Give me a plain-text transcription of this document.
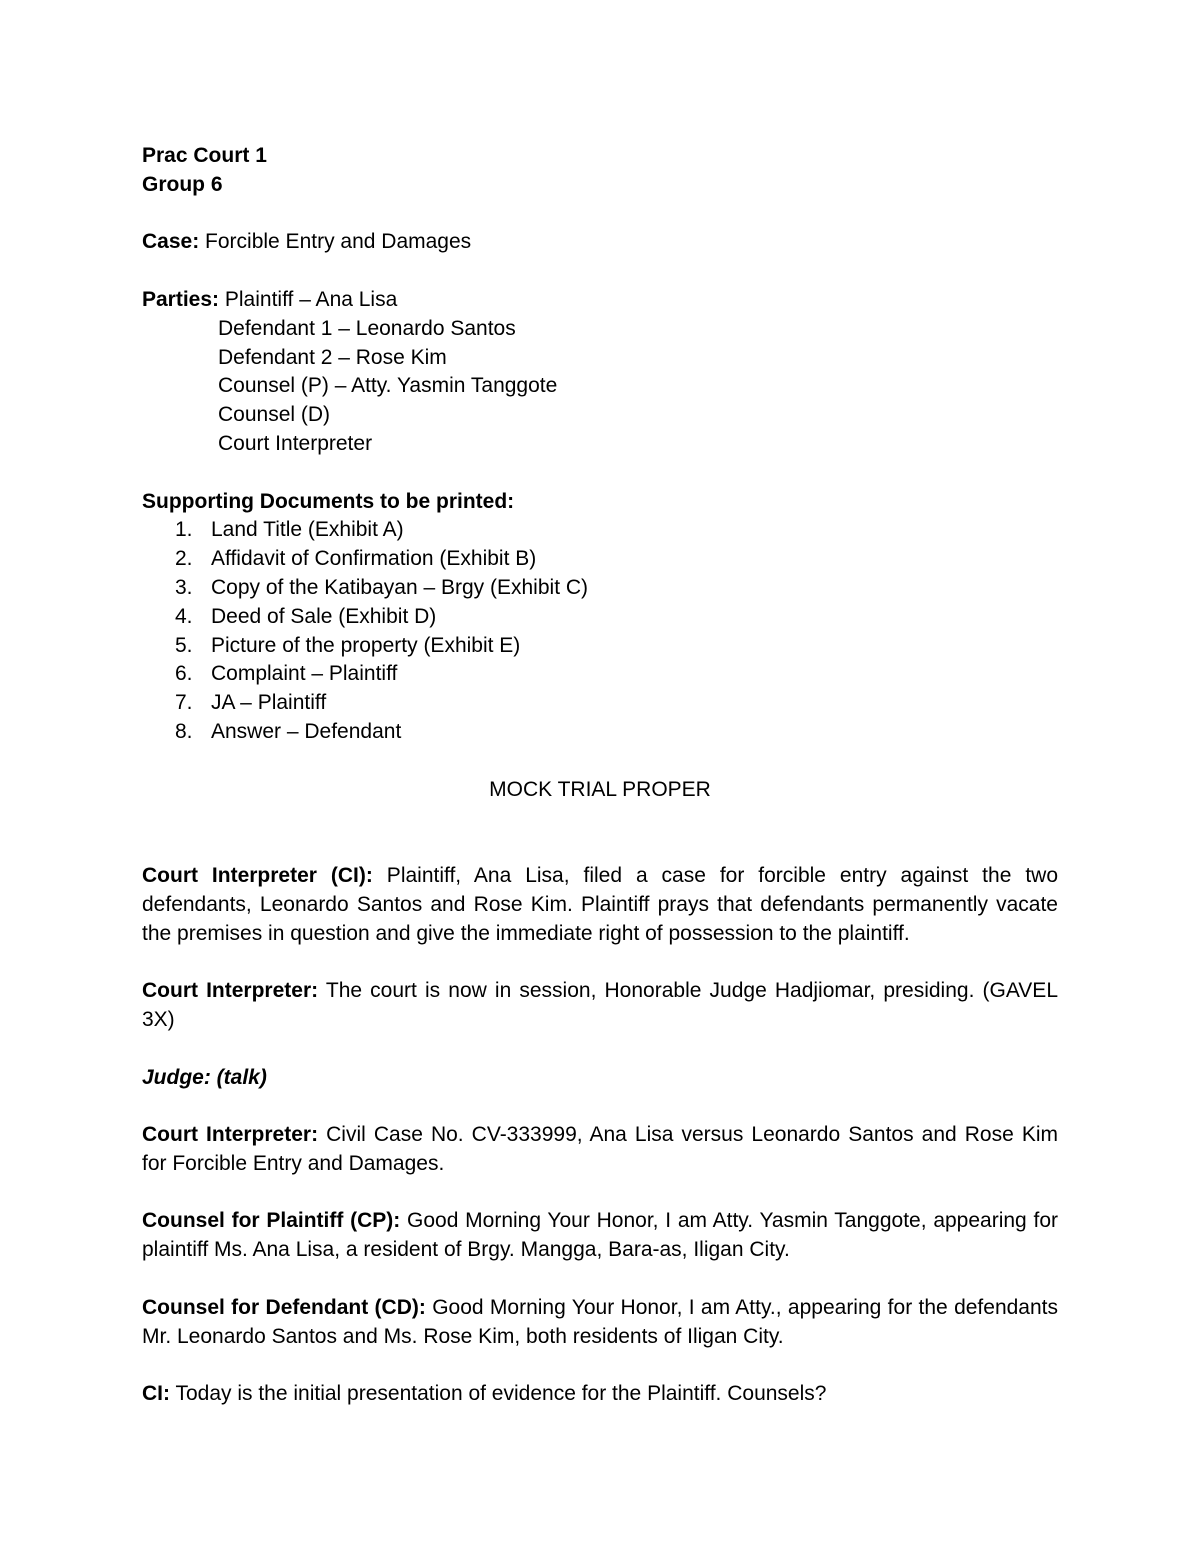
Prac Court 1

Group 6

Case: Forcible Entry and Damages

Parties: Plaintiff – Ana Lisa

Defendant 1 – Leonardo Santos

Defendant 2 – Rose Kim

Counsel (P) – Atty. Yasmin Tanggote

Counsel (D)

Court Interpreter

Supporting Documents to be printed:

1. Land Title (Exhibit A)
2. Affidavit of Confirmation (Exhibit B)
3. Copy of the Katibayan – Brgy (Exhibit C)
4. Deed of Sale (Exhibit D)
5. Picture of the property (Exhibit E)
6. Complaint – Plaintiff
7. JA – Plaintiff
8. Answer – Defendant

MOCK TRIAL PROPER

Court Interpreter (CI): Plaintiff, Ana Lisa, filed a case for forcible entry against the two defendants, Leonardo Santos and Rose Kim. Plaintiff prays that defendants permanently vacate the premises in question and give the immediate right of possession to the plaintiff.

Court Interpreter: The court is now in session, Honorable Judge Hadjiomar, presiding. (GAVEL 3X)

Judge: (talk)

Court Interpreter: Civil Case No. CV-333999, Ana Lisa versus Leonardo Santos and Rose Kim for Forcible Entry and Damages.

Counsel for Plaintiff (CP): Good Morning Your Honor, I am Atty. Yasmin Tanggote, appearing for plaintiff Ms. Ana Lisa, a resident of Brgy. Mangga, Bara-as, Iligan City.

Counsel for Defendant (CD): Good Morning Your Honor, I am Atty., appearing for the defendants Mr. Leonardo Santos and Ms. Rose Kim, both residents of Iligan City.

CI: Today is the initial presentation of evidence for the Plaintiff. Counsels?
